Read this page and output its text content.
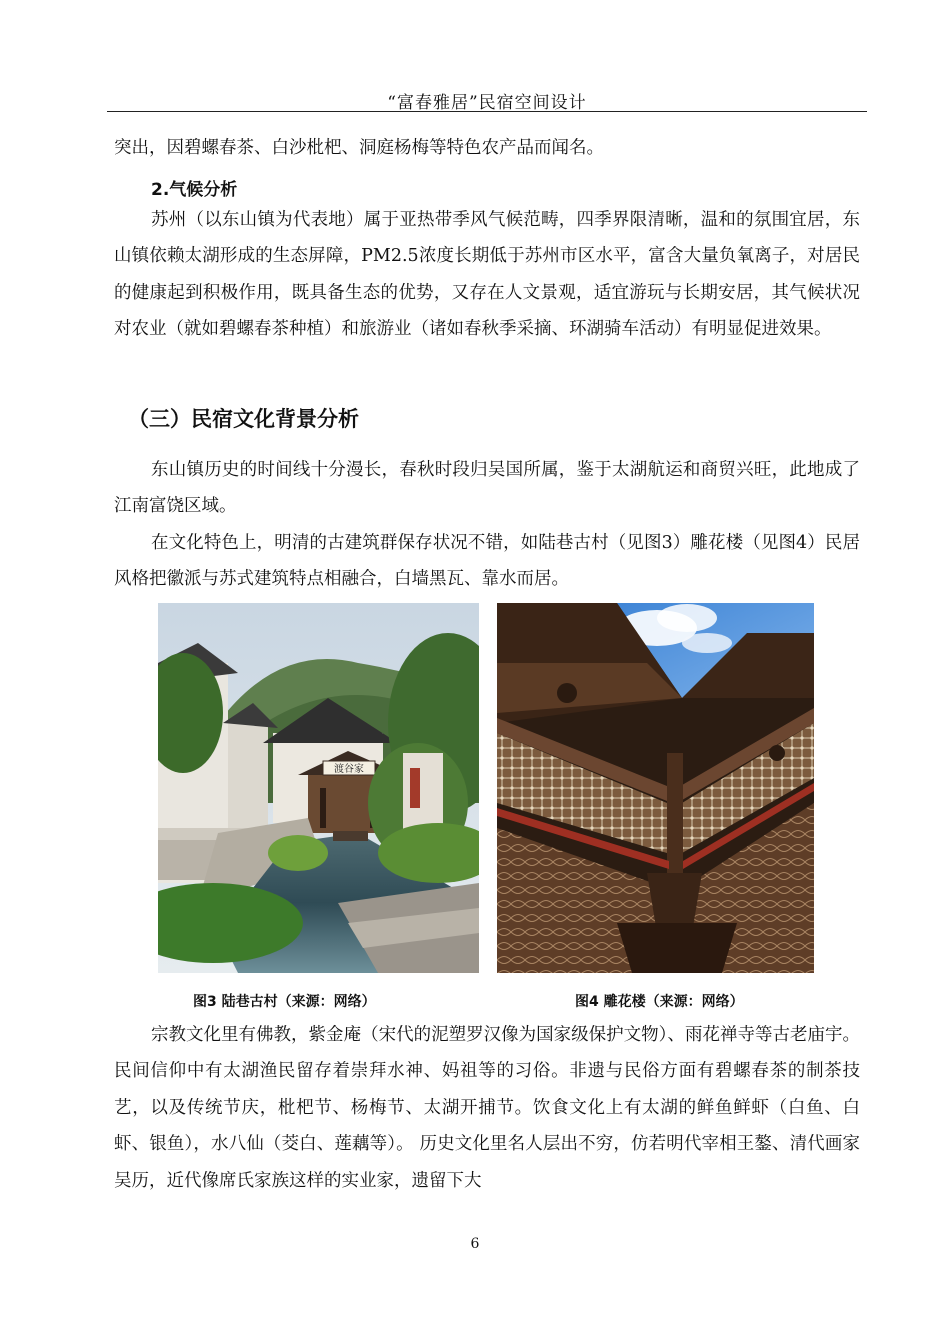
“富春雅居”民宿空间设计

突出，因碧螺春茶、白沙枇杷、洞庭杨梅等特色农产品而闻名。

2.气候分析

苏州（以东山镇为代表地）属于亚热带季风气候范畴，四季界限清晰，温和的氛围宜居，东山镇依赖太湖形成的生态屏障，PM2.5浓度长期低于苏州市区水平，富含大量负氧离子，对居民的健康起到积极作用，既具备生态的优势，又存在人文景观，适宜游玩与长期安居，其气候状况对农业（就如碧螺春茶种植）和旅游业（诸如春秋季采摘、环湖骑车活动）有明显促进效果。

（三）民宿文化背景分析

东山镇历史的时间线十分漫长，春秋时段归吴国所属，鉴于太湖航运和商贸兴旺，此地成了江南富饶区域。

在文化特色上，明清的古建筑群保存状况不错，如陆巷古村（见图3）雕花楼（见图4）民居风格把徽派与苏式建筑特点相融合，白墙黑瓦、靠水而居。

渡谷家

图3 陆巷古村（来源：网络）	图4 雕花楼（来源：网络）

宗教文化里有佛教，紫金庵（宋代的泥塑罗汉像为国家级保护文物）、雨花禅寺等古老庙宇。民间信仰中有太湖渔民留存着崇拜水神、妈祖等的习俗。非遗与民俗方面有碧螺春茶的制茶技艺，以及传统节庆，枇杷节、杨梅节、太湖开捕节。饮食文化上有太湖的鲜鱼鲜虾（白鱼、白虾、银鱼），水八仙（茭白、莲藕等）。 历史文化里名人层出不穷，仿若明代宰相王鏊、清代画家吴历，近代像席氏家族这样的实业家，遗留下大

6
